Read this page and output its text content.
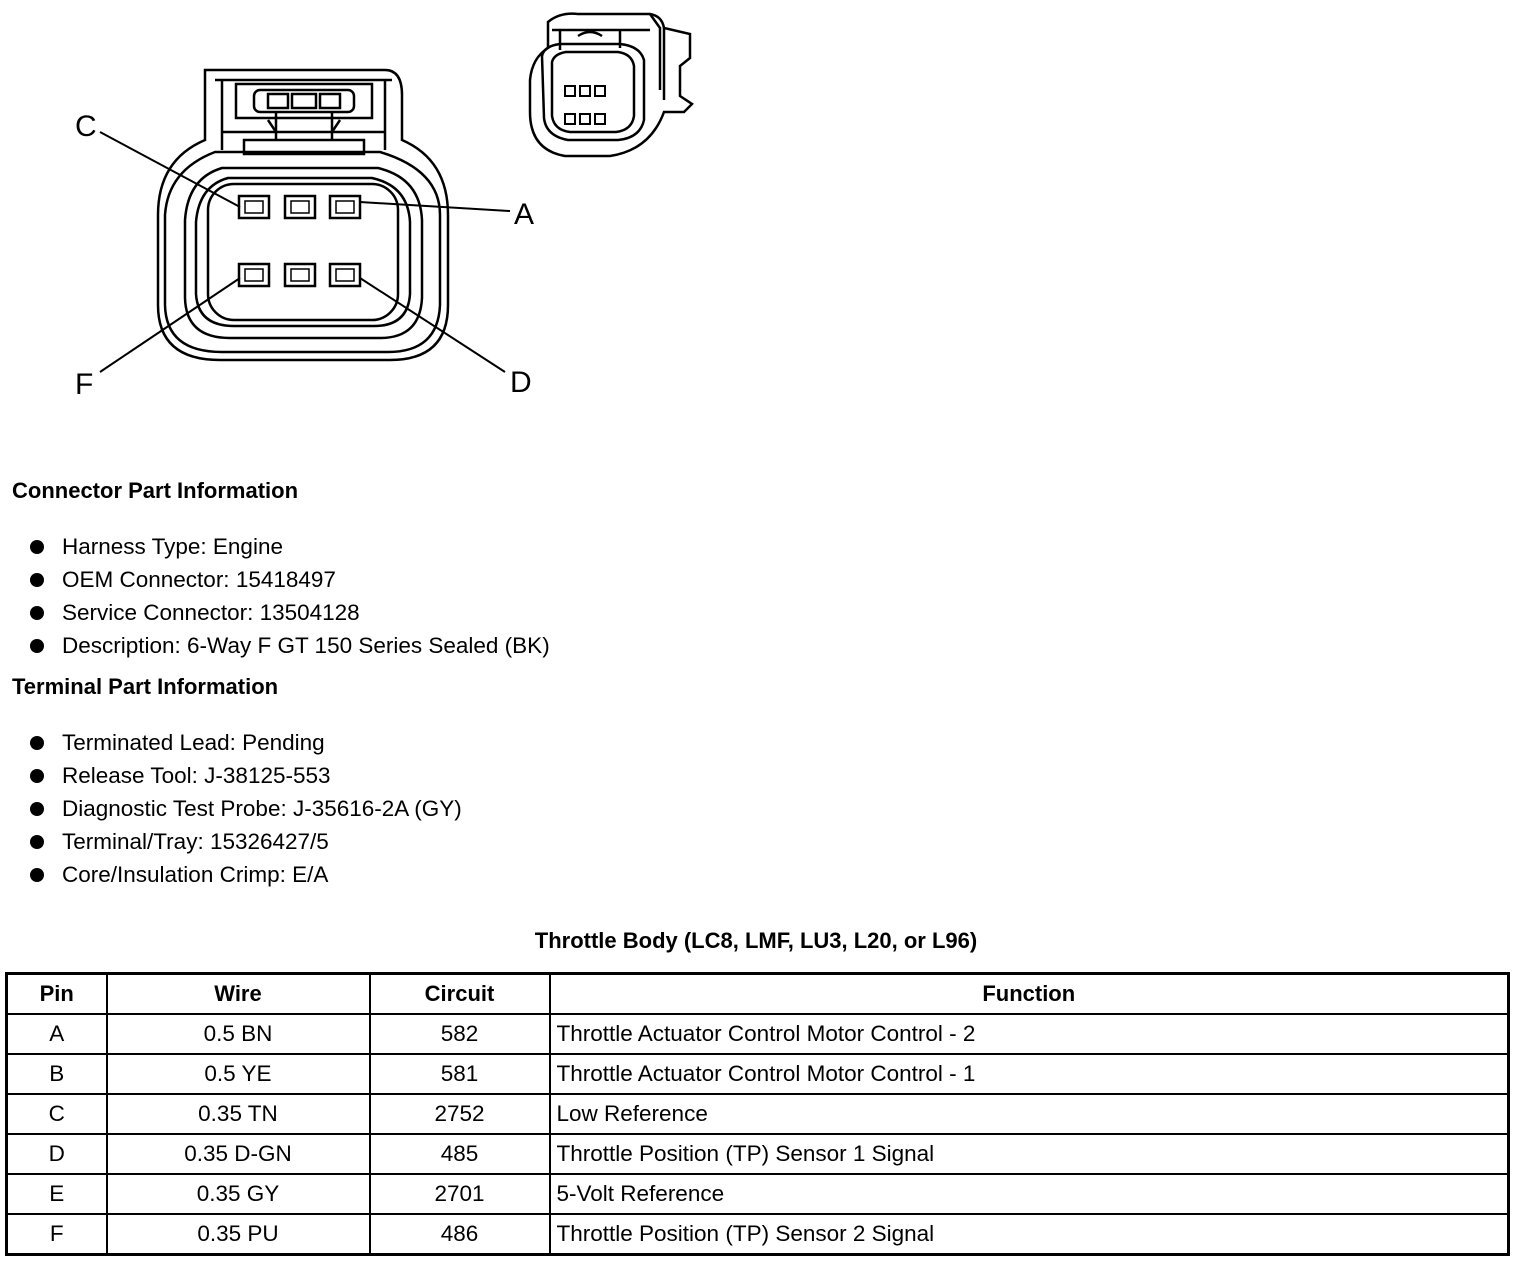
C
A
F	D
Connector Part Information
Harness Type: Engine
OEM Connector: 15418497
Service Connector: 13504128
Description: 6-Way F GT 150 Series Sealed (BK)
Terminal Part Information
Terminated Lead: Pending
Release Tool: J-38125-553
Diagnostic Test Probe: J-35616-2A (GY)
Terminal/Tray: 15326427/5
Core/Insulation Crimp: E/A
Throttle Body (LC8, LMF, LU3, L20, or L96)
Pin	Wire	Circuit	Function
A	0.5 BN	582	Throttle Actuator Control Motor Control - 2
B	0.5 YE	581	Throttle Actuator Control Motor Control - 1
C	0.35 TN	2752	Low Reference
D	0.35 D-GN	485	Throttle Position (TP) Sensor 1 Signal
E	0.35 GY	2701	5-Volt Reference
F	0.35 PU	486	Throttle Position (TP) Sensor 2 Signal
